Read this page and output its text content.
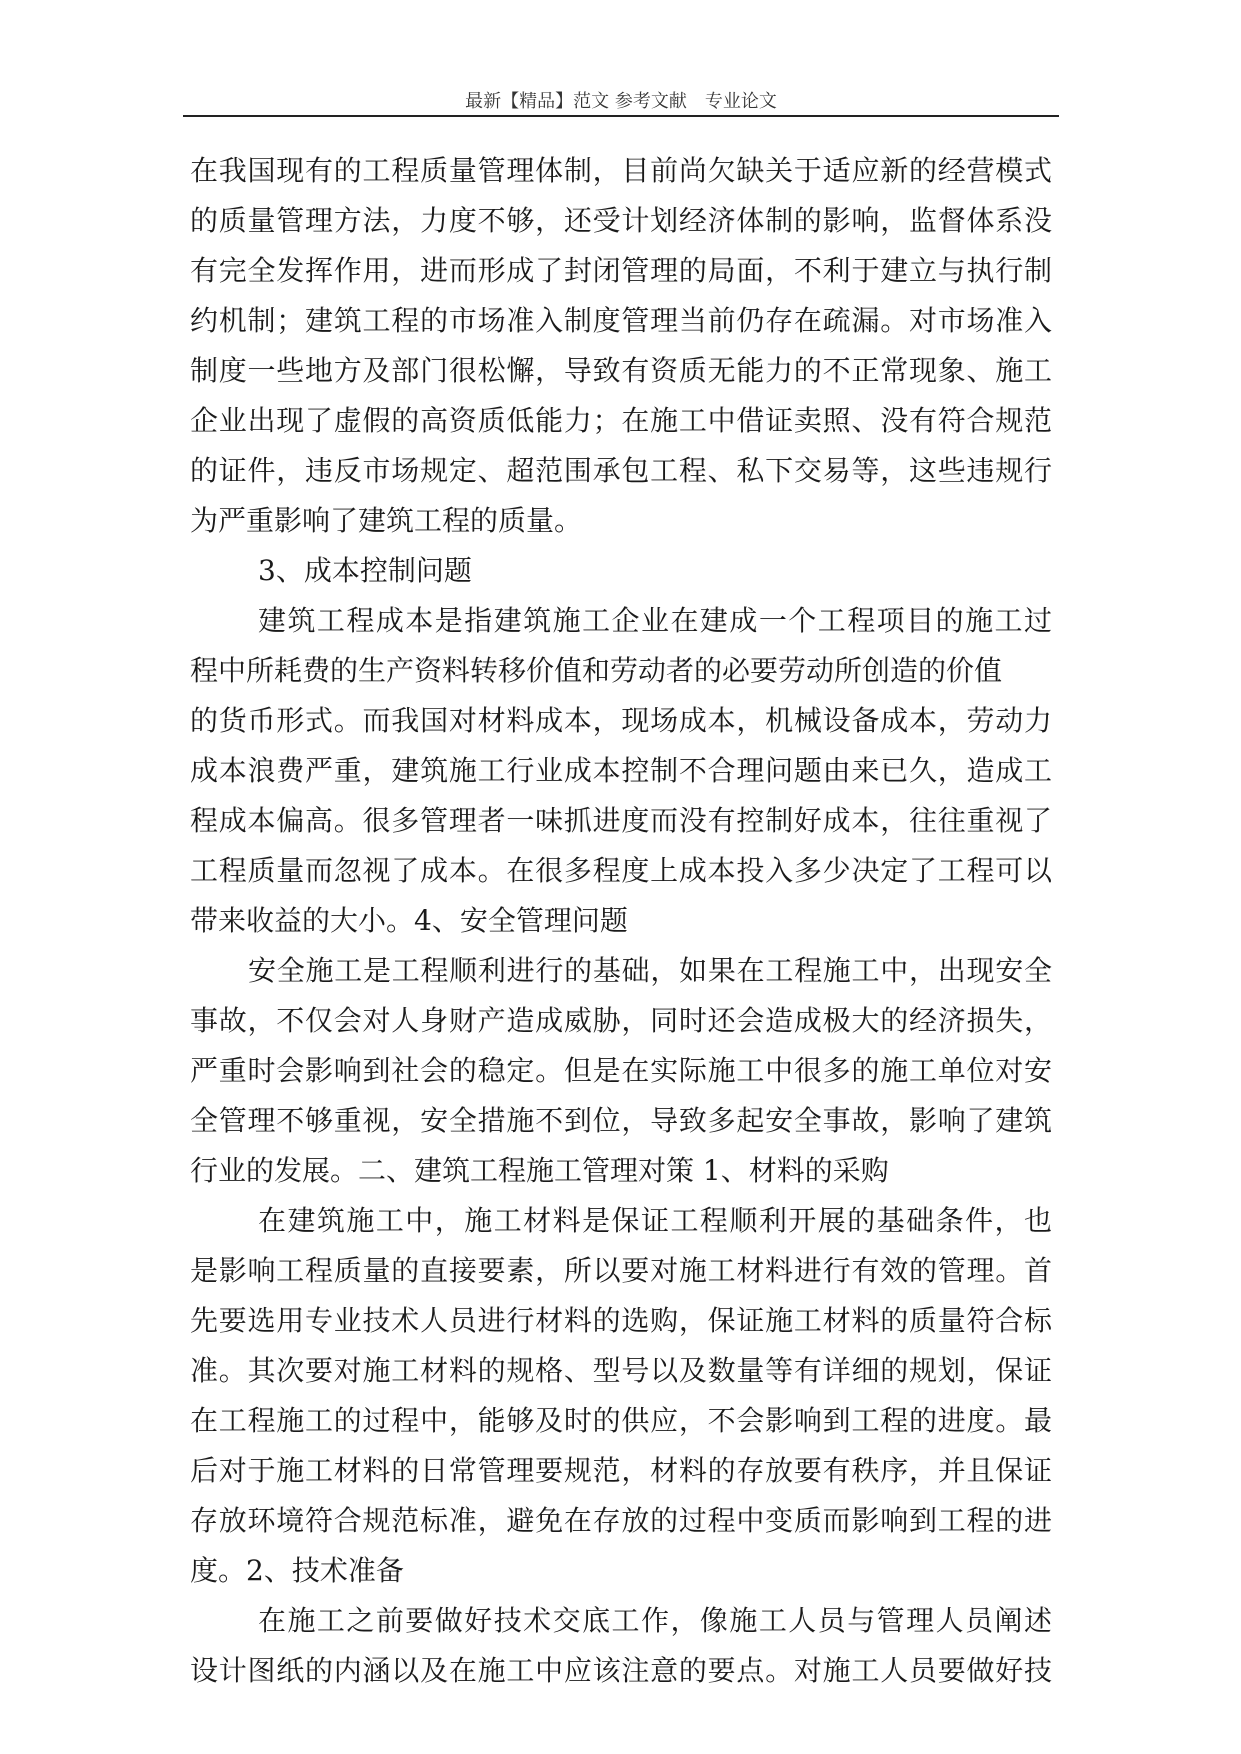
最新【精品】范文 参考文献　专业论文
在我国现有的工程质量管理体制，目前尚欠缺关于适应新的经营模式
的质量管理方法，力度不够，还受计划经济体制的影响，监督体系没
有完全发挥作用，进而形成了封闭管理的局面，不利于建立与执行制
约机制；建筑工程的市场准入制度管理当前仍存在疏漏。对市场准入
制度一些地方及部门很松懈，导致有资质无能力的不正常现象、施工
企业出现了虚假的高资质低能力；在施工中借证卖照、没有符合规范
的证件，违反市场规定、超范围承包工程、私下交易等，这些违规行
为严重影响了建筑工程的质量。
3、成本控制问题
建筑工程成本是指建筑施工企业在建成一个工程项目的施工过
程中所耗费的生产资料转移价值和劳动者的必要劳动所创造的价值
的货币形式。而我国对材料成本，现场成本，机械设备成本，劳动力
成本浪费严重，建筑施工行业成本控制不合理问题由来已久，造成工
程成本偏高。很多管理者一味抓进度而没有控制好成本，往往重视了
工程质量而忽视了成本。在很多程度上成本投入多少决定了工程可以
带来收益的大小。4、安全管理问题
安全施工是工程顺利进行的基础，如果在工程施工中，出现安全
事故，不仅会对人身财产造成威胁，同时还会造成极大的经济损失，
严重时会影响到社会的稳定。但是在实际施工中很多的施工单位对安
全管理不够重视，安全措施不到位，导致多起安全事故，影响了建筑
行业的发展。二、建筑工程施工管理对策 1、材料的采购
在建筑施工中，施工材料是保证工程顺利开展的基础条件，也
是影响工程质量的直接要素，所以要对施工材料进行有效的管理。首
先要选用专业技术人员进行材料的选购，保证施工材料的质量符合标
准。其次要对施工材料的规格、型号以及数量等有详细的规划，保证
在工程施工的过程中，能够及时的供应，不会影响到工程的进度。最
后对于施工材料的日常管理要规范，材料的存放要有秩序，并且保证
存放环境符合规范标准，避免在存放的过程中变质而影响到工程的进
度。2、技术准备
在施工之前要做好技术交底工作，像施工人员与管理人员阐述
设计图纸的内涵以及在施工中应该注意的要点。对施工人员要做好技
